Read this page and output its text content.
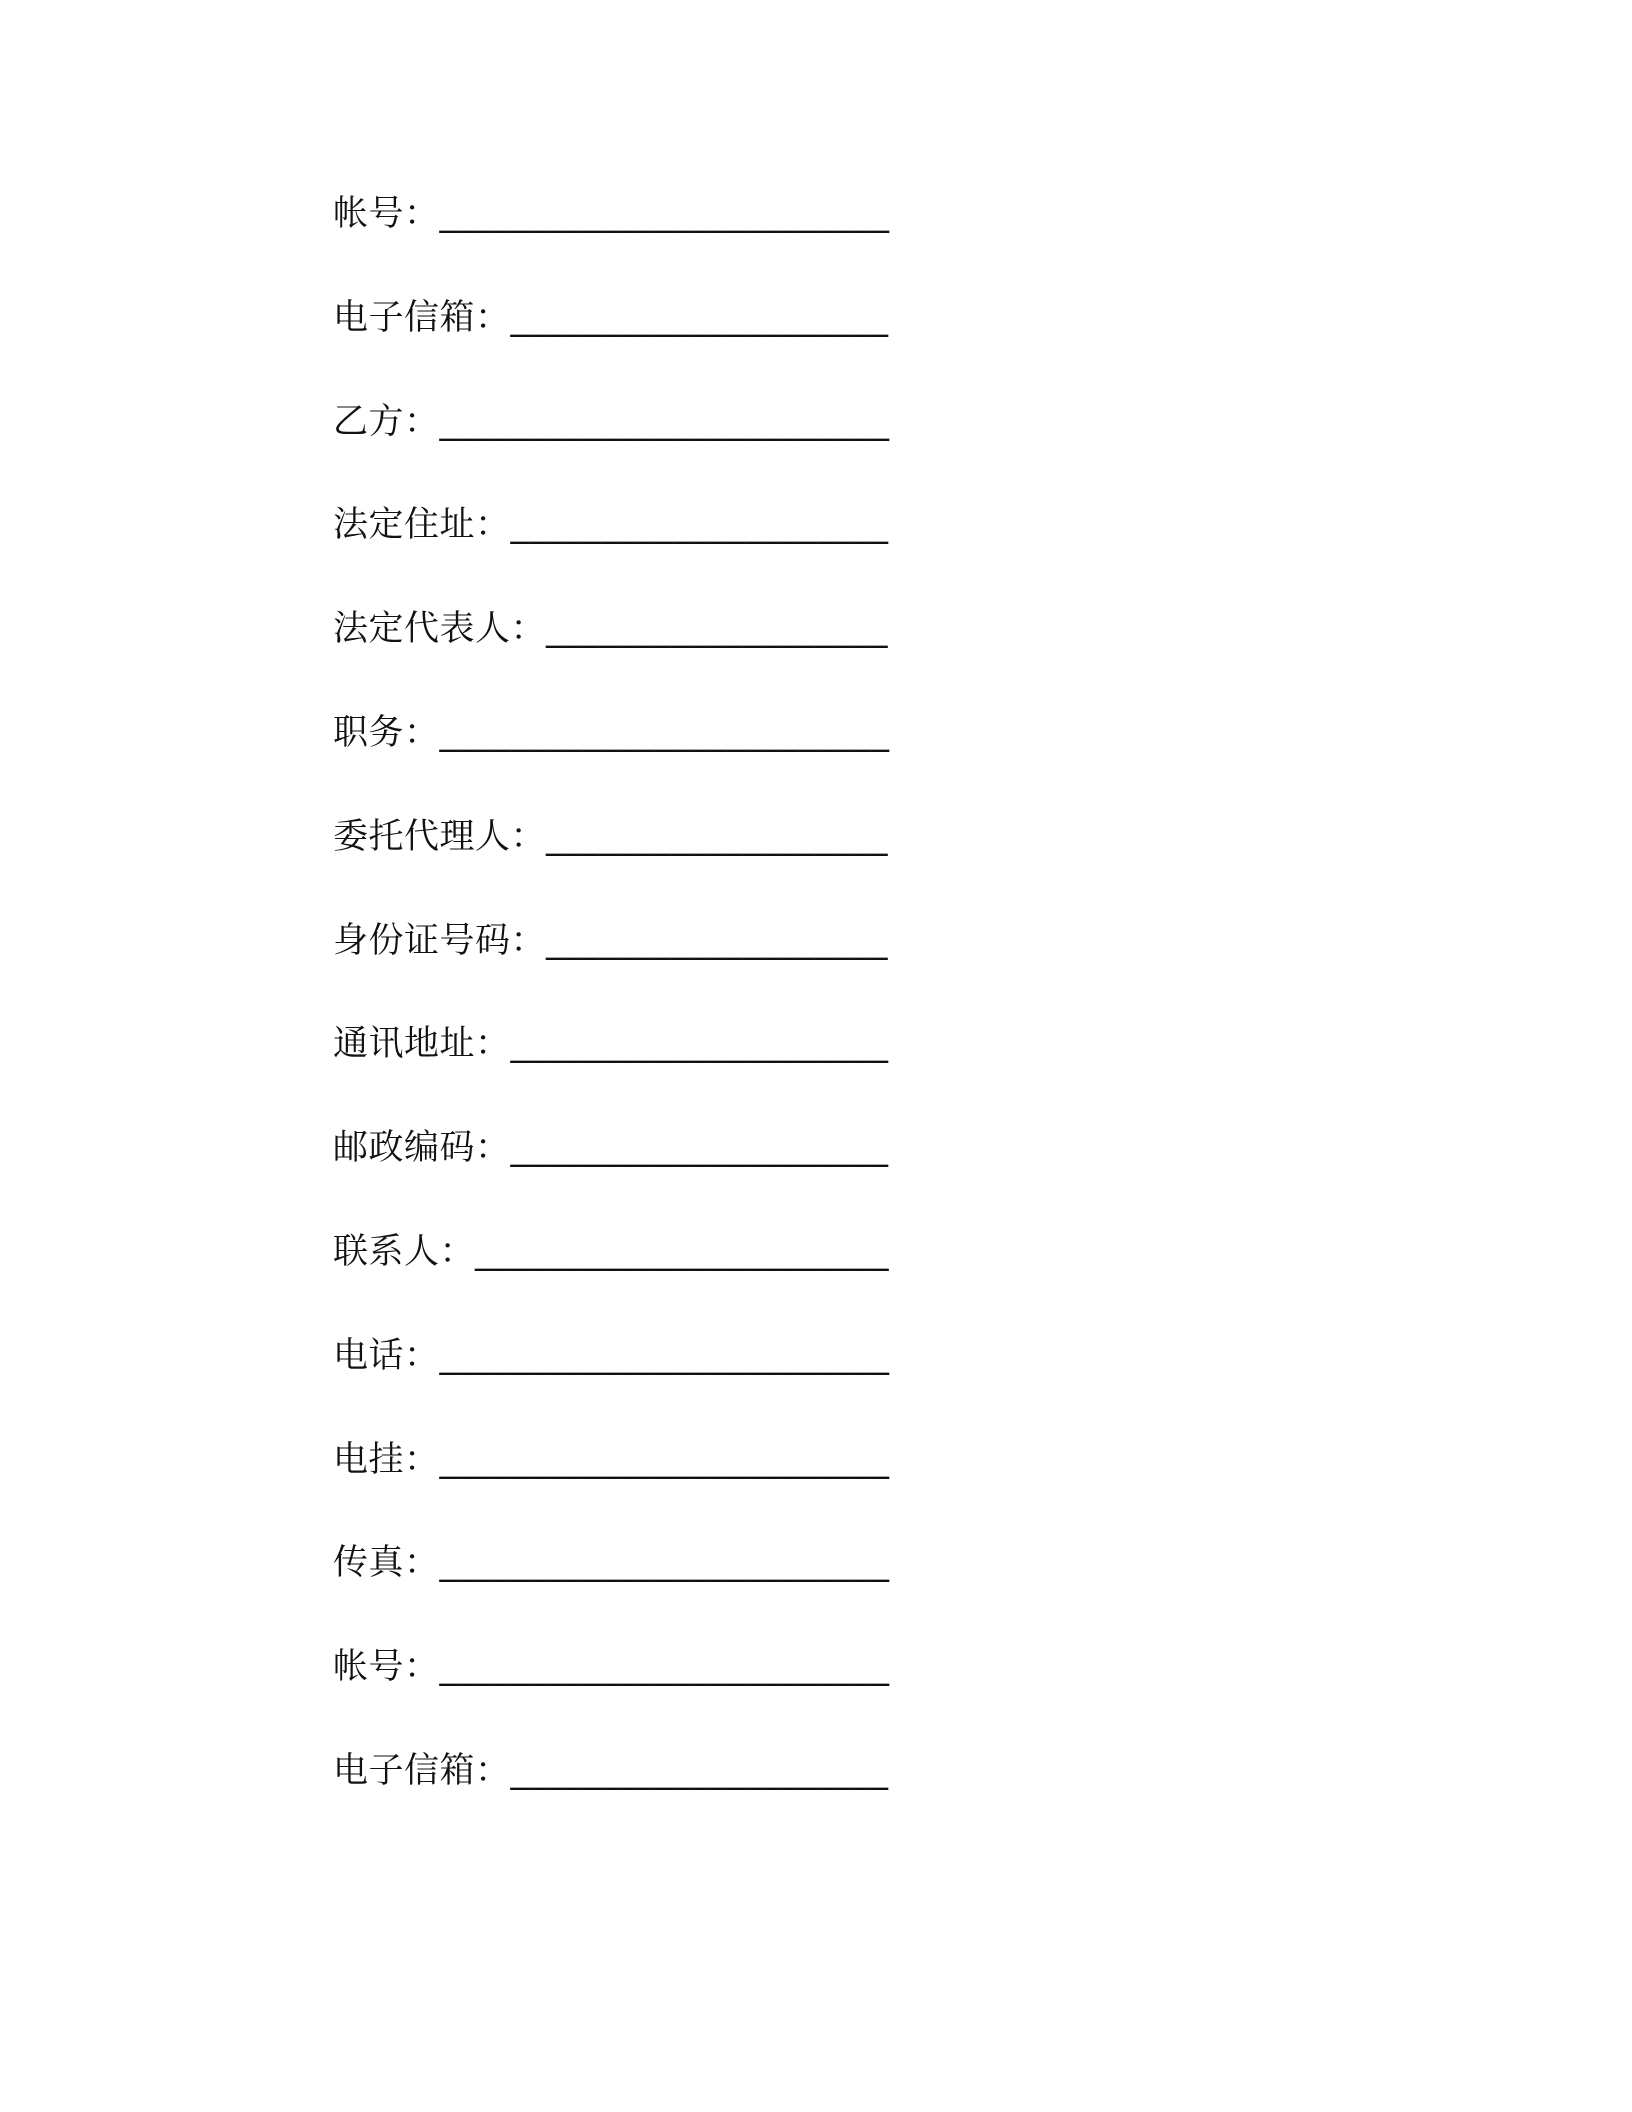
帐号：_________________________
电子信箱：_____________________
乙方：_________________________
法定住址：_____________________
法定代表人：___________________
职务：_________________________
委托代理人：___________________
身份证号码：___________________
通讯地址：_____________________
邮政编码：_____________________
联系人：_______________________
电话：_________________________
电挂：_________________________
传真：_________________________
帐号：_________________________
电子信箱：_____________________
